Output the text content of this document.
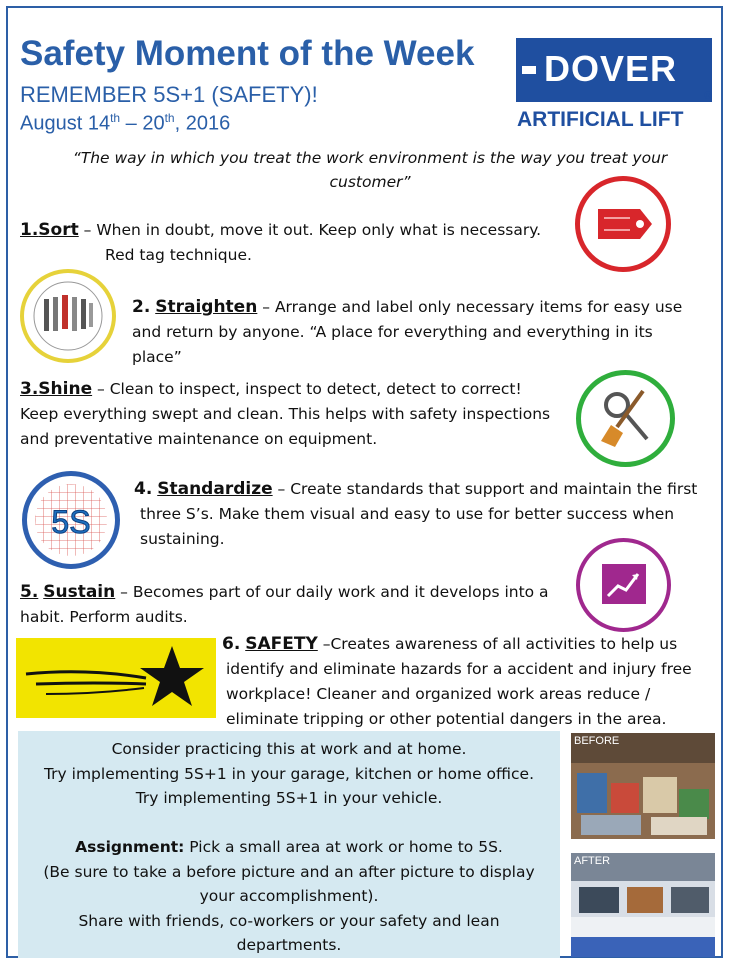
Safety Moment of the Week
REMEMBER 5S+1 (SAFETY)!
August 14th – 20th, 2016
DOVER
®
ARTIFICIAL LIFT
“The way in which you treat the work environment is the way you treat your customer”
1.Sort – When in doubt, move it out. Keep only what is necessary.
Red tag technique.
2. Straighten – Arrange and label only necessary items for easy use
and return by anyone. “A place for everything and everything in its
place”
3.Shine – Clean to inspect, inspect to detect, detect to correct!
Keep everything swept and clean. This helps with safety inspections
and preventative maintenance on equipment.
5S
4. Standardize – Create standards that support and maintain the first
three S’s. Make them visual and easy to use for better success when
sustaining.
5. Sustain – Becomes part of our daily work and it develops into a
habit. Perform audits.
6. SAFETY –Creates awareness of all activities to help us
identify and eliminate hazards for a accident and injury free
workplace! Cleaner and organized work areas reduce /
eliminate tripping or other potential dangers in the area.
Consider practicing this at work and at home.
Try implementing 5S+1 in your garage, kitchen or home office.
Try implementing 5S+1 in your vehicle.

Assignment: Pick a small area at work or home to 5S.
(Be sure to take a before picture and an after picture to display
your accomplishment).
Share with friends, co-workers or your safety and lean
departments.
BEFORE
AFTER
